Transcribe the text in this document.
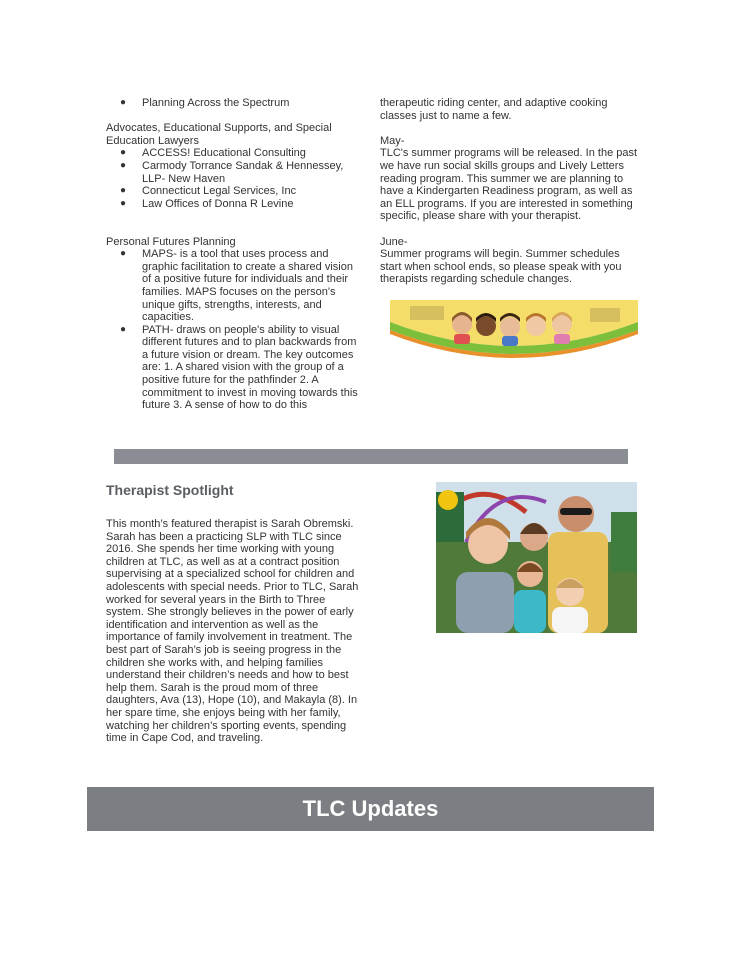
● Planning Across the Spectrum

Advocates, Educational Supports, and Special Education Lawyers

● ACCESS! Educational Consulting
● Carmody Torrance Sandak & Hennessey, LLP- New Haven
● Connecticut Legal Services, Inc
● Law Offices of Donna R Levine

Personal Futures Planning

● MAPS- is a tool that uses process and graphic facilitation to create a shared vision of a positive future for individuals and their families. MAPS focuses on the person's unique gifts, strengths, interests, and capacities.
● PATH- draws on people's ability to visual different futures and to plan backwards from a future vision or dream. The key outcomes are: 1. A shared vision with the group of a positive future for the pathfinder 2. A commitment to invest in moving towards this future 3. A sense of how to do this

therapeutic riding center, and adaptive cooking classes just to name a few.

May-

TLC's summer programs will be released. In the past we have run social skills groups and Lively Letters reading program. This summer we are planning to have a Kindergarten Readiness program, as well as an ELL programs. If you are interested in something specific, please share with your therapist.

June-

Summer programs will begin. Summer schedules start when school ends, so please speak with you therapists regarding schedule changes.

Therapist Spotlight

This month’s featured therapist is Sarah Obremski. Sarah has been a practicing SLP with TLC since 2016. She spends her time working with young children at TLC, as well as at a contract position supervising at a specialized school for children and adolescents with special needs. Prior to TLC, Sarah worked for several years in the Birth to Three system. She strongly believes in the power of early identification and intervention as well as the importance of family involvement in treatment. The best part of Sarah’s job is seeing progress in the children she works with, and helping families understand their children’s needs and how to best help them. Sarah is the proud mom of three daughters, Ava (13), Hope (10), and Makayla (8). In her spare time, she enjoys being with her family, watching her children’s sporting events, spending time in Cape Cod, and traveling.

TLC Updates
